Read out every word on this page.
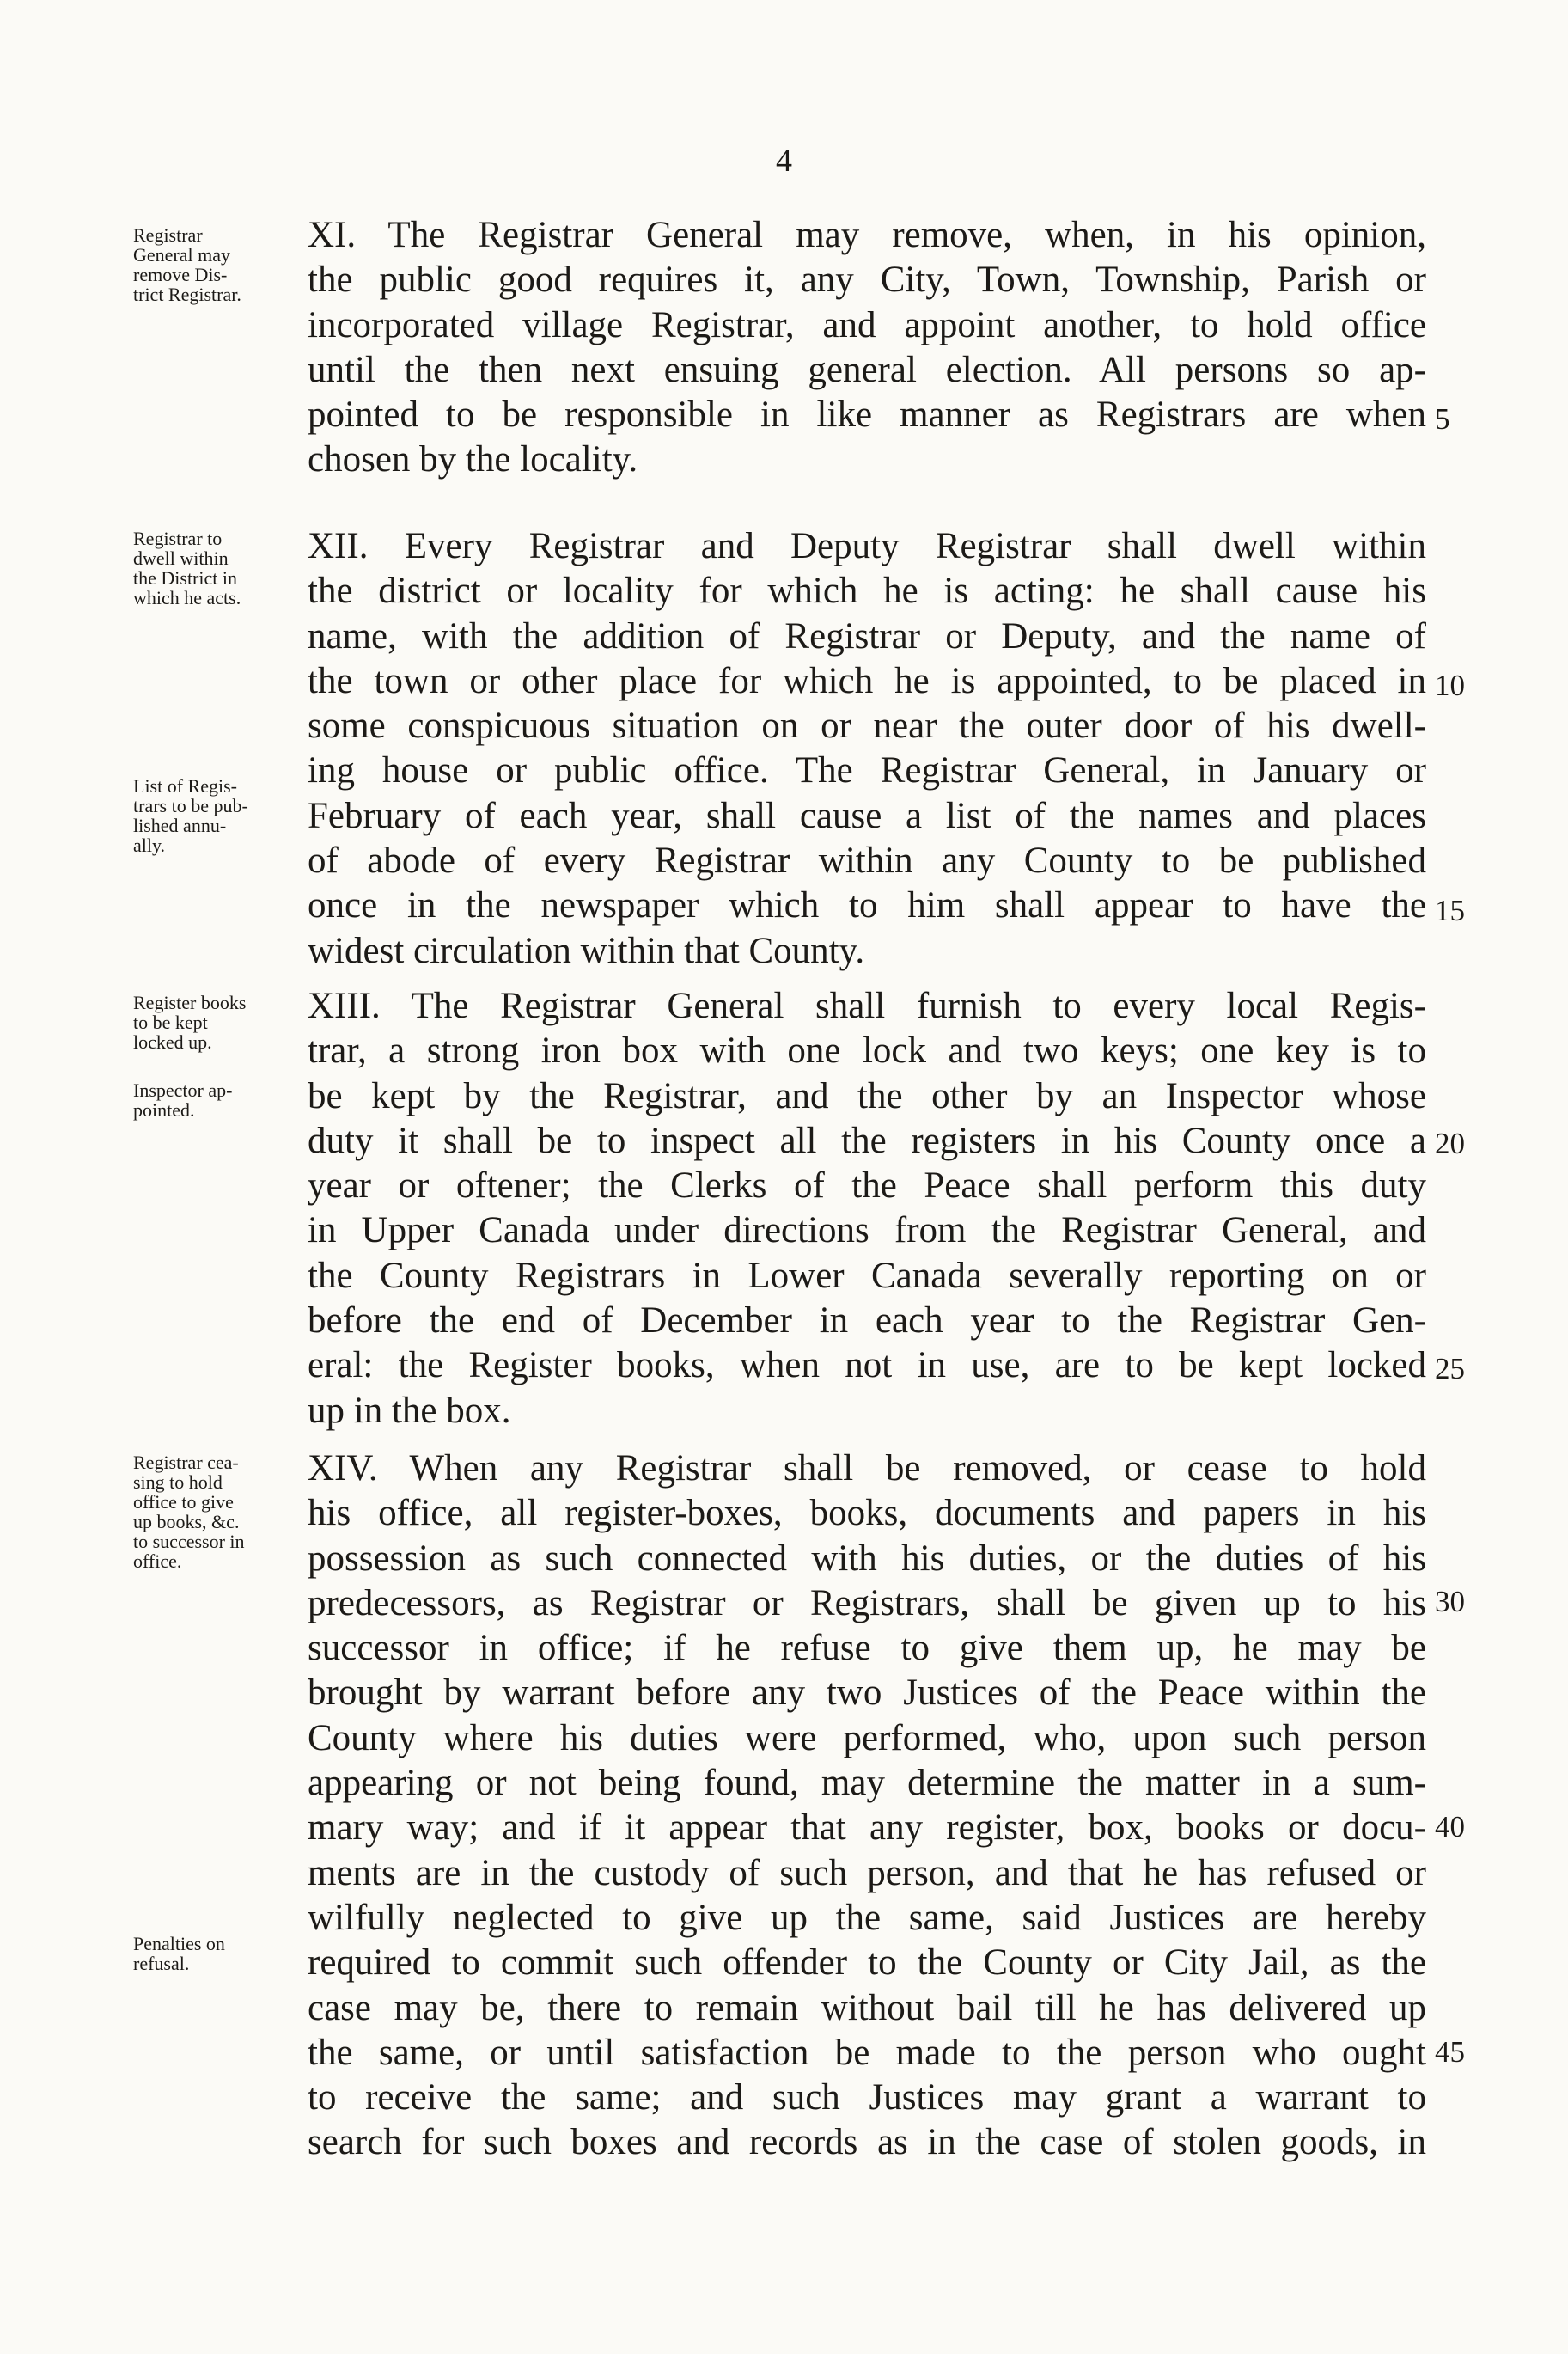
4

Registrar
General may
remove Dis-
trict Registrar.

XI. The Registrar General may remove, when, in his opinion,
the public good requires it, any City, Town, Township, Parish or
incorporated village Registrar, and appoint another, to hold office
until the then next ensuing general election. All persons so ap-
pointed to be responsible in like manner as Registrars are when
chosen by the locality.

5

Registrar to
dwell within
the District in
which he acts.

List of Regis-
trars to be pub-
lished annu-
ally.

XII. Every Registrar and Deputy Registrar shall dwell within
the district or locality for which he is acting: he shall cause his
name, with the addition of Registrar or Deputy, and the name of
the town or other place for which he is appointed, to be placed in
some conspicuous situation on or near the outer door of his dwell-
ing house or public office. The Registrar General, in January or
February of each year, shall cause a list of the names and places
of abode of every Registrar within any County to be published
once in the newspaper which to him shall appear to have the
widest circulation within that County.

10
15

Register books
to be kept
locked up.

Inspector ap-
pointed.

XIII. The Registrar General shall furnish to every local Regis-
trar, a strong iron box with one lock and two keys; one key is to
be kept by the Registrar, and the other by an Inspector whose
duty it shall be to inspect all the registers in his County once a
year or oftener; the Clerks of the Peace shall perform this duty
in Upper Canada under directions from the Registrar General, and
the County Registrars in Lower Canada severally reporting on or
before the end of December in each year to the Registrar Gen-
eral: the Register books, when not in use, are to be kept locked
up in the box.

20
25

Registrar cea-
sing to hold
office to give
up books, &c.
to successor in
office.

Penalties on
refusal.

XIV. When any Registrar shall be removed, or cease to hold
his office, all register-boxes, books, documents and papers in his
possession as such connected with his duties, or the duties of his
predecessors, as Registrar or Registrars, shall be given up to his
successor in office; if he refuse to give them up, he may be
brought by warrant before any two Justices of the Peace within the
County where his duties were performed, who, upon such person
appearing or not being found, may determine the matter in a sum-
mary way; and if it appear that any register, box, books or docu-
ments are in the custody of such person, and that he has refused or
wilfully neglected to give up the same, said Justices are hereby
required to commit such offender to the County or City Jail, as the
case may be, there to remain without bail till he has delivered up
the same, or until satisfaction be made to the person who ought
to receive the same; and such Justices may grant a warrant to
search for such boxes and records as in the case of stolen goods, in

30
40
45
